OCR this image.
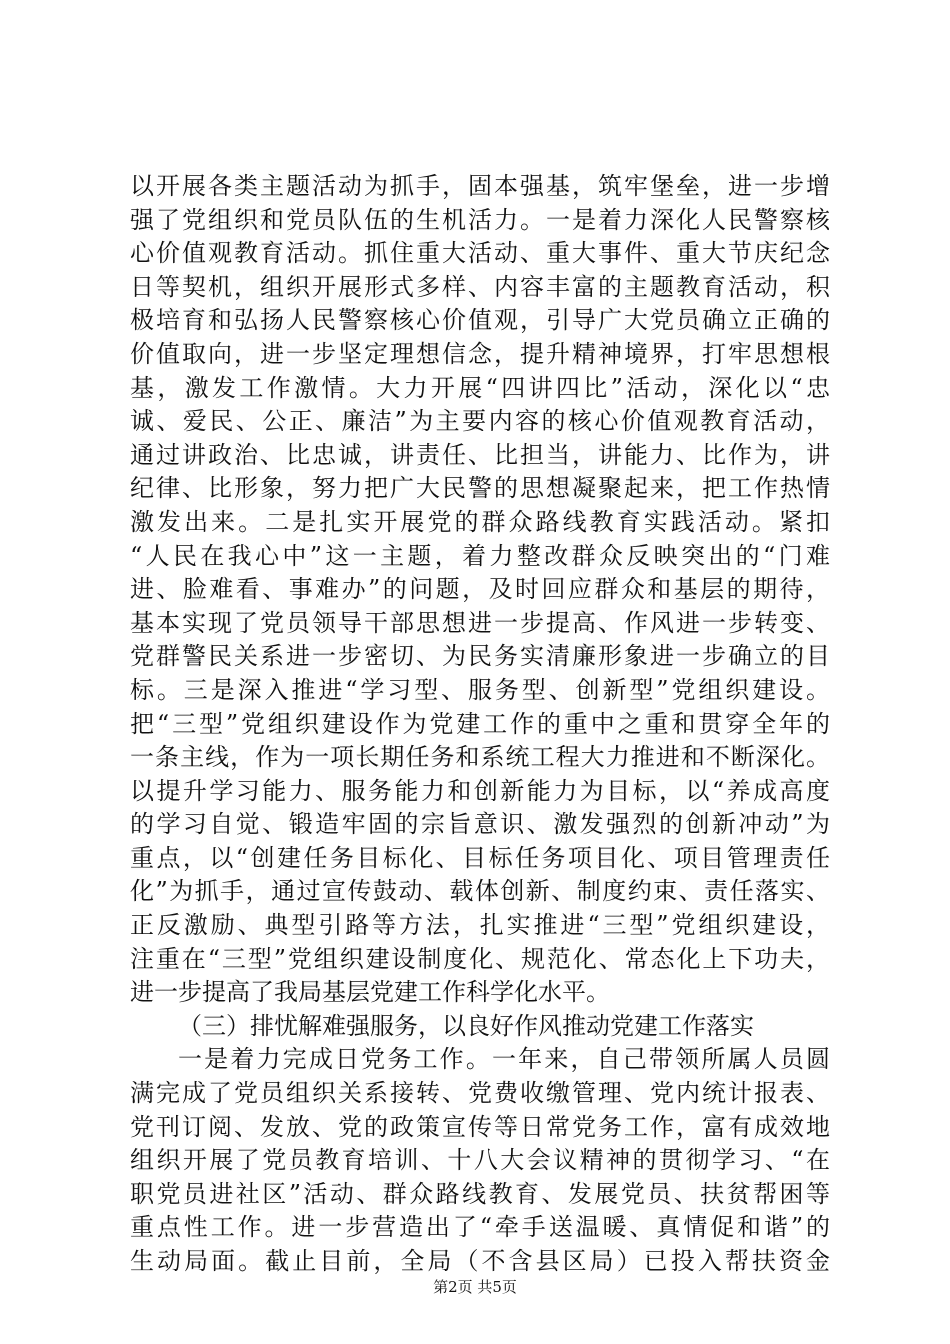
以开展各类主题活动为抓手，固本强基，筑牢堡垒，进一步增
强了党组织和党员队伍的生机活力。一是着力深化人民警察核
心价值观教育活动。抓住重大活动、重大事件、重大节庆纪念
日等契机，组织开展形式多样、内容丰富的主题教育活动，积
极培育和弘扬人民警察核心价值观，引导广大党员确立正确的
价值取向，进一步坚定理想信念，提升精神境界，打牢思想根
基，激发工作激情。大力开展“四讲四比”活动，深化以“忠
诚、爱民、公正、廉洁”为主要内容的核心价值观教育活动，
通过讲政治、比忠诚，讲责任、比担当，讲能力、比作为，讲
纪律、比形象，努力把广大民警的思想凝聚起来，把工作热情
激发出来。二是扎实开展党的群众路线教育实践活动。紧扣
“人民在我心中”这一主题，着力整改群众反映突出的“门难
进、脸难看、事难办”的问题，及时回应群众和基层的期待，
基本实现了党员领导干部思想进一步提高、作风进一步转变、
党群警民关系进一步密切、为民务实清廉形象进一步确立的目
标。三是深入推进“学习型、服务型、创新型”党组织建设。
把“三型”党组织建设作为党建工作的重中之重和贯穿全年的
一条主线，作为一项长期任务和系统工程大力推进和不断深化。
以提升学习能力、服务能力和创新能力为目标，以“养成高度
的学习自觉、锻造牢固的宗旨意识、激发强烈的创新冲动”为
重点，以“创建任务目标化、目标任务项目化、项目管理责任
化”为抓手，通过宣传鼓动、载体创新、制度约束、责任落实、
正反激励、典型引路等方法，扎实推进“三型”党组织建设，
注重在“三型”党组织建设制度化、规范化、常态化上下功夫，
进一步提高了我局基层党建工作科学化水平。
（三）排忧解难强服务，以良好作风推动党建工作落实
一是着力完成日党务工作。一年来，自己带领所属人员圆
满完成了党员组织关系接转、党费收缴管理、党内统计报表、
党刊订阅、发放、党的政策宣传等日常党务工作，富有成效地
组织开展了党员教育培训、十八大会议精神的贯彻学习、“在
职党员进社区”活动、群众路线教育、发展党员、扶贫帮困等
重点性工作。进一步营造出了“牵手送温暖、真情促和谐”的
生动局面。截止目前，全局（不含县区局）已投入帮扶资金
第2页 共5页
